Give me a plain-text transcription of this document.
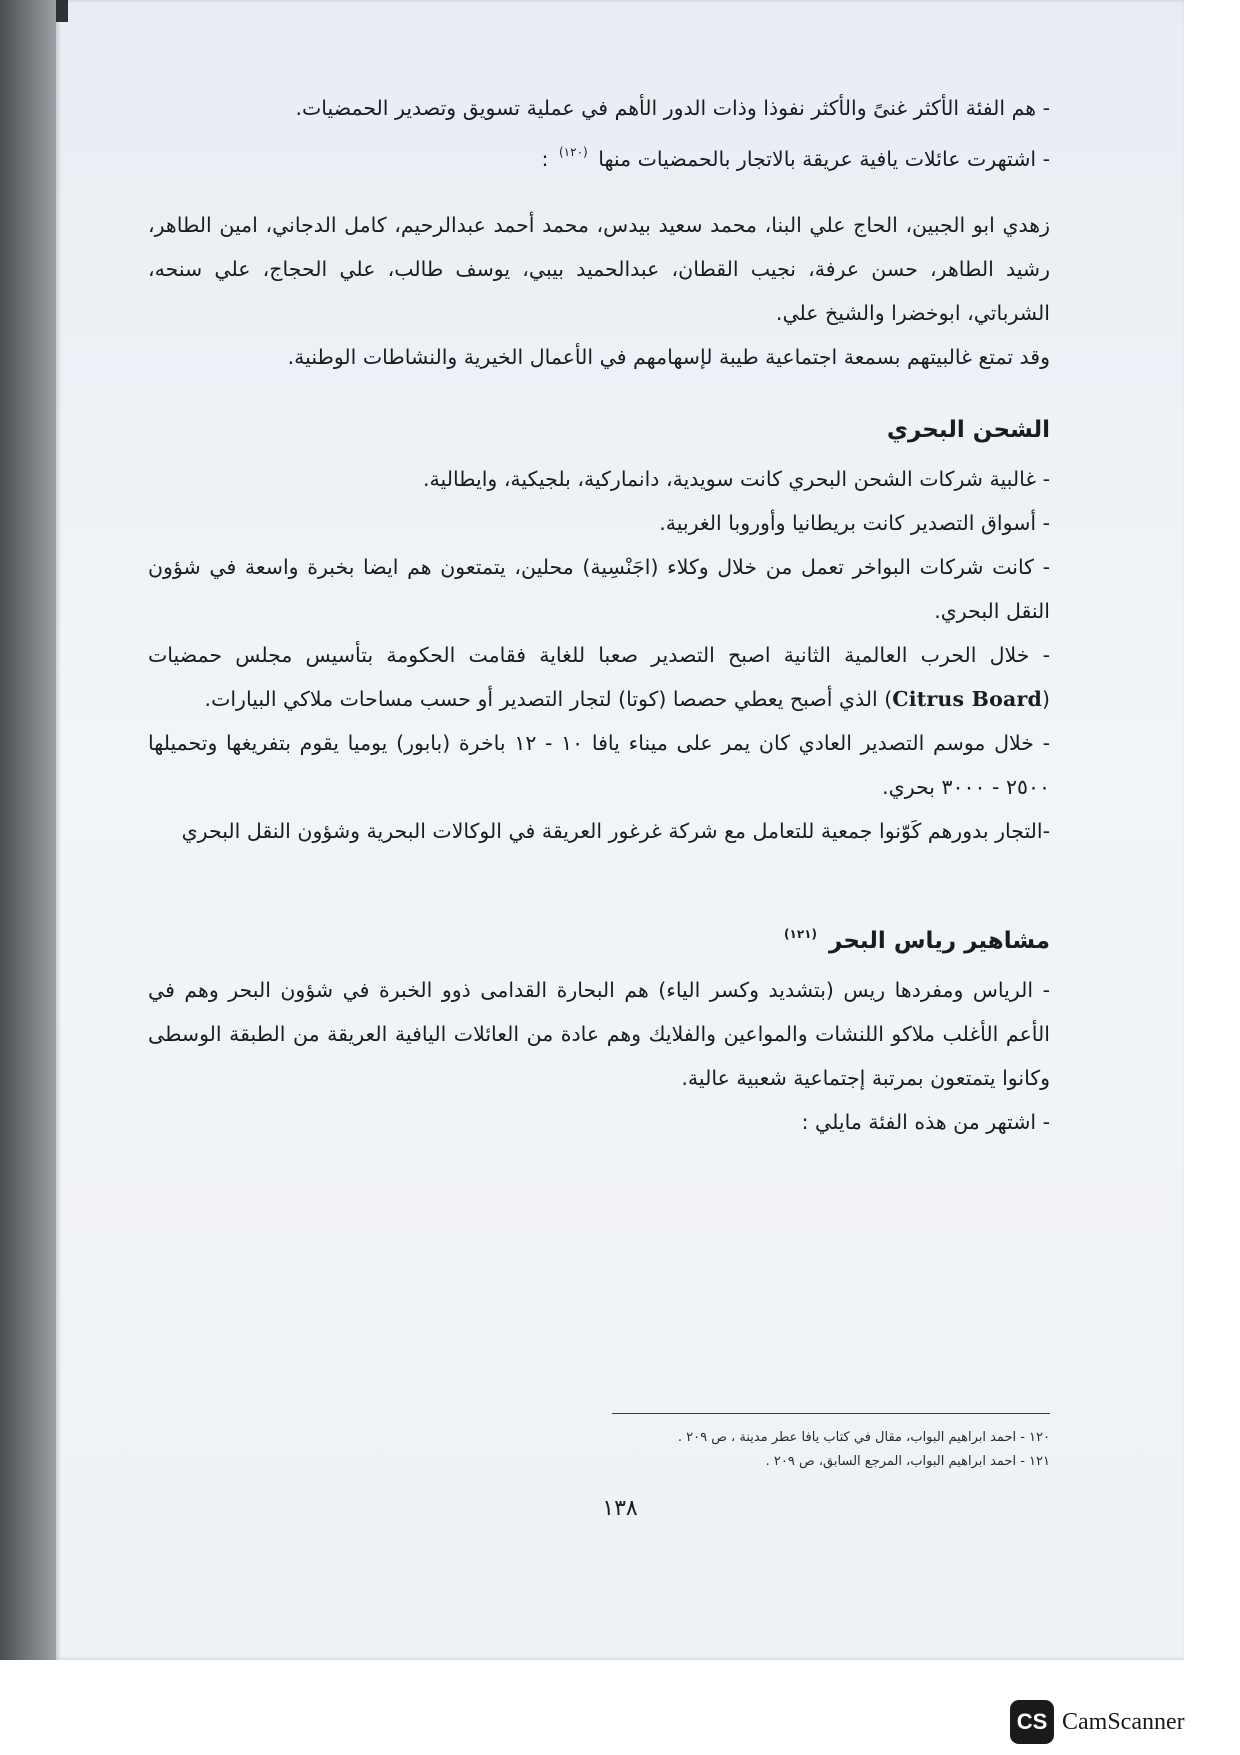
- هم الفئة الأكثر غنىً والأكثر نفوذا وذات الدور الأهم في عملية تسويق وتصدير الحمضيات.

- اشتهرت عائلات يافية عريقة بالاتجار بالحمضيات منها $^{(١٢٠)}$ :

زهدي ابو الجبين، الحاج علي البنا، محمد سعيد بيدس، محمد أحمد عبدالرحيم، كامل الدجاني، امين الطاهر، رشيد الطاهر، حسن عرفة، نجيب القطان، عبدالحميد بيبي، يوسف طالب، علي الحجاج، علي سنحه، الشرباتي، ابوخضرا والشيخ علي.

وقد تمتع غالبيتهم بسمعة اجتماعية طيبة لإسهامهم في الأعمال الخيرية والنشاطات الوطنية.

الشحن البحري

- غالبية شركات الشحن البحري كانت سويدية، دانماركية، بلجيكية، وايطالية.

- أسواق التصدير كانت بريطانيا وأوروبا الغربية.

- كانت شركات البواخر تعمل من خلال وكلاء (اجَنْسِية) محلين، يتمتعون هم ايضا بخبرة واسعة في شؤون النقل البحري.

- خلال الحرب العالمية الثانية اصبح التصدير صعبا للغاية فقامت الحكومة بتأسيس مجلس حمضيات (Citrus Board) الذي أصبح يعطي حصصا (كوتا) لتجار التصدير أو حسب مساحات ملاكي البيارات.

- خلال موسم التصدير العادي كان يمر على ميناء يافا ١٠ - ١٢ باخرة (بابور) يوميا يقوم بتفريغها وتحميلها ٢٥٠٠ - ٣٠٠٠ بحري.

-التجار بدورهم كَوّنوا جمعية للتعامل مع شركة غرغور العريقة في الوكالات البحرية وشؤون النقل البحري

مشاهير رياس البحر $^{(١٢١)}$

- الرياس ومفردها ريس (بتشديد وكسر الياء) هم البحارة القدامى ذوو الخبرة في شؤون البحر وهم في الأعم الأغلب ملاكو اللنشات والمواعين والفلايك وهم عادة من العائلات اليافية العريقة من الطبقة الوسطى وكانوا يتمتعون بمرتبة إجتماعية شعبية عالية.

- اشتهر من هذه الفئة مايلي :

١٢٠ - احمد ابراهيم البواب، مقال في كتاب يافا عطر مدينة ، ص ٢٠٩ .
١٢١ - احمد ابراهيم البواب، المرجع السابق، ص ٢٠٩ .
١٣٨
CS CamScanner
